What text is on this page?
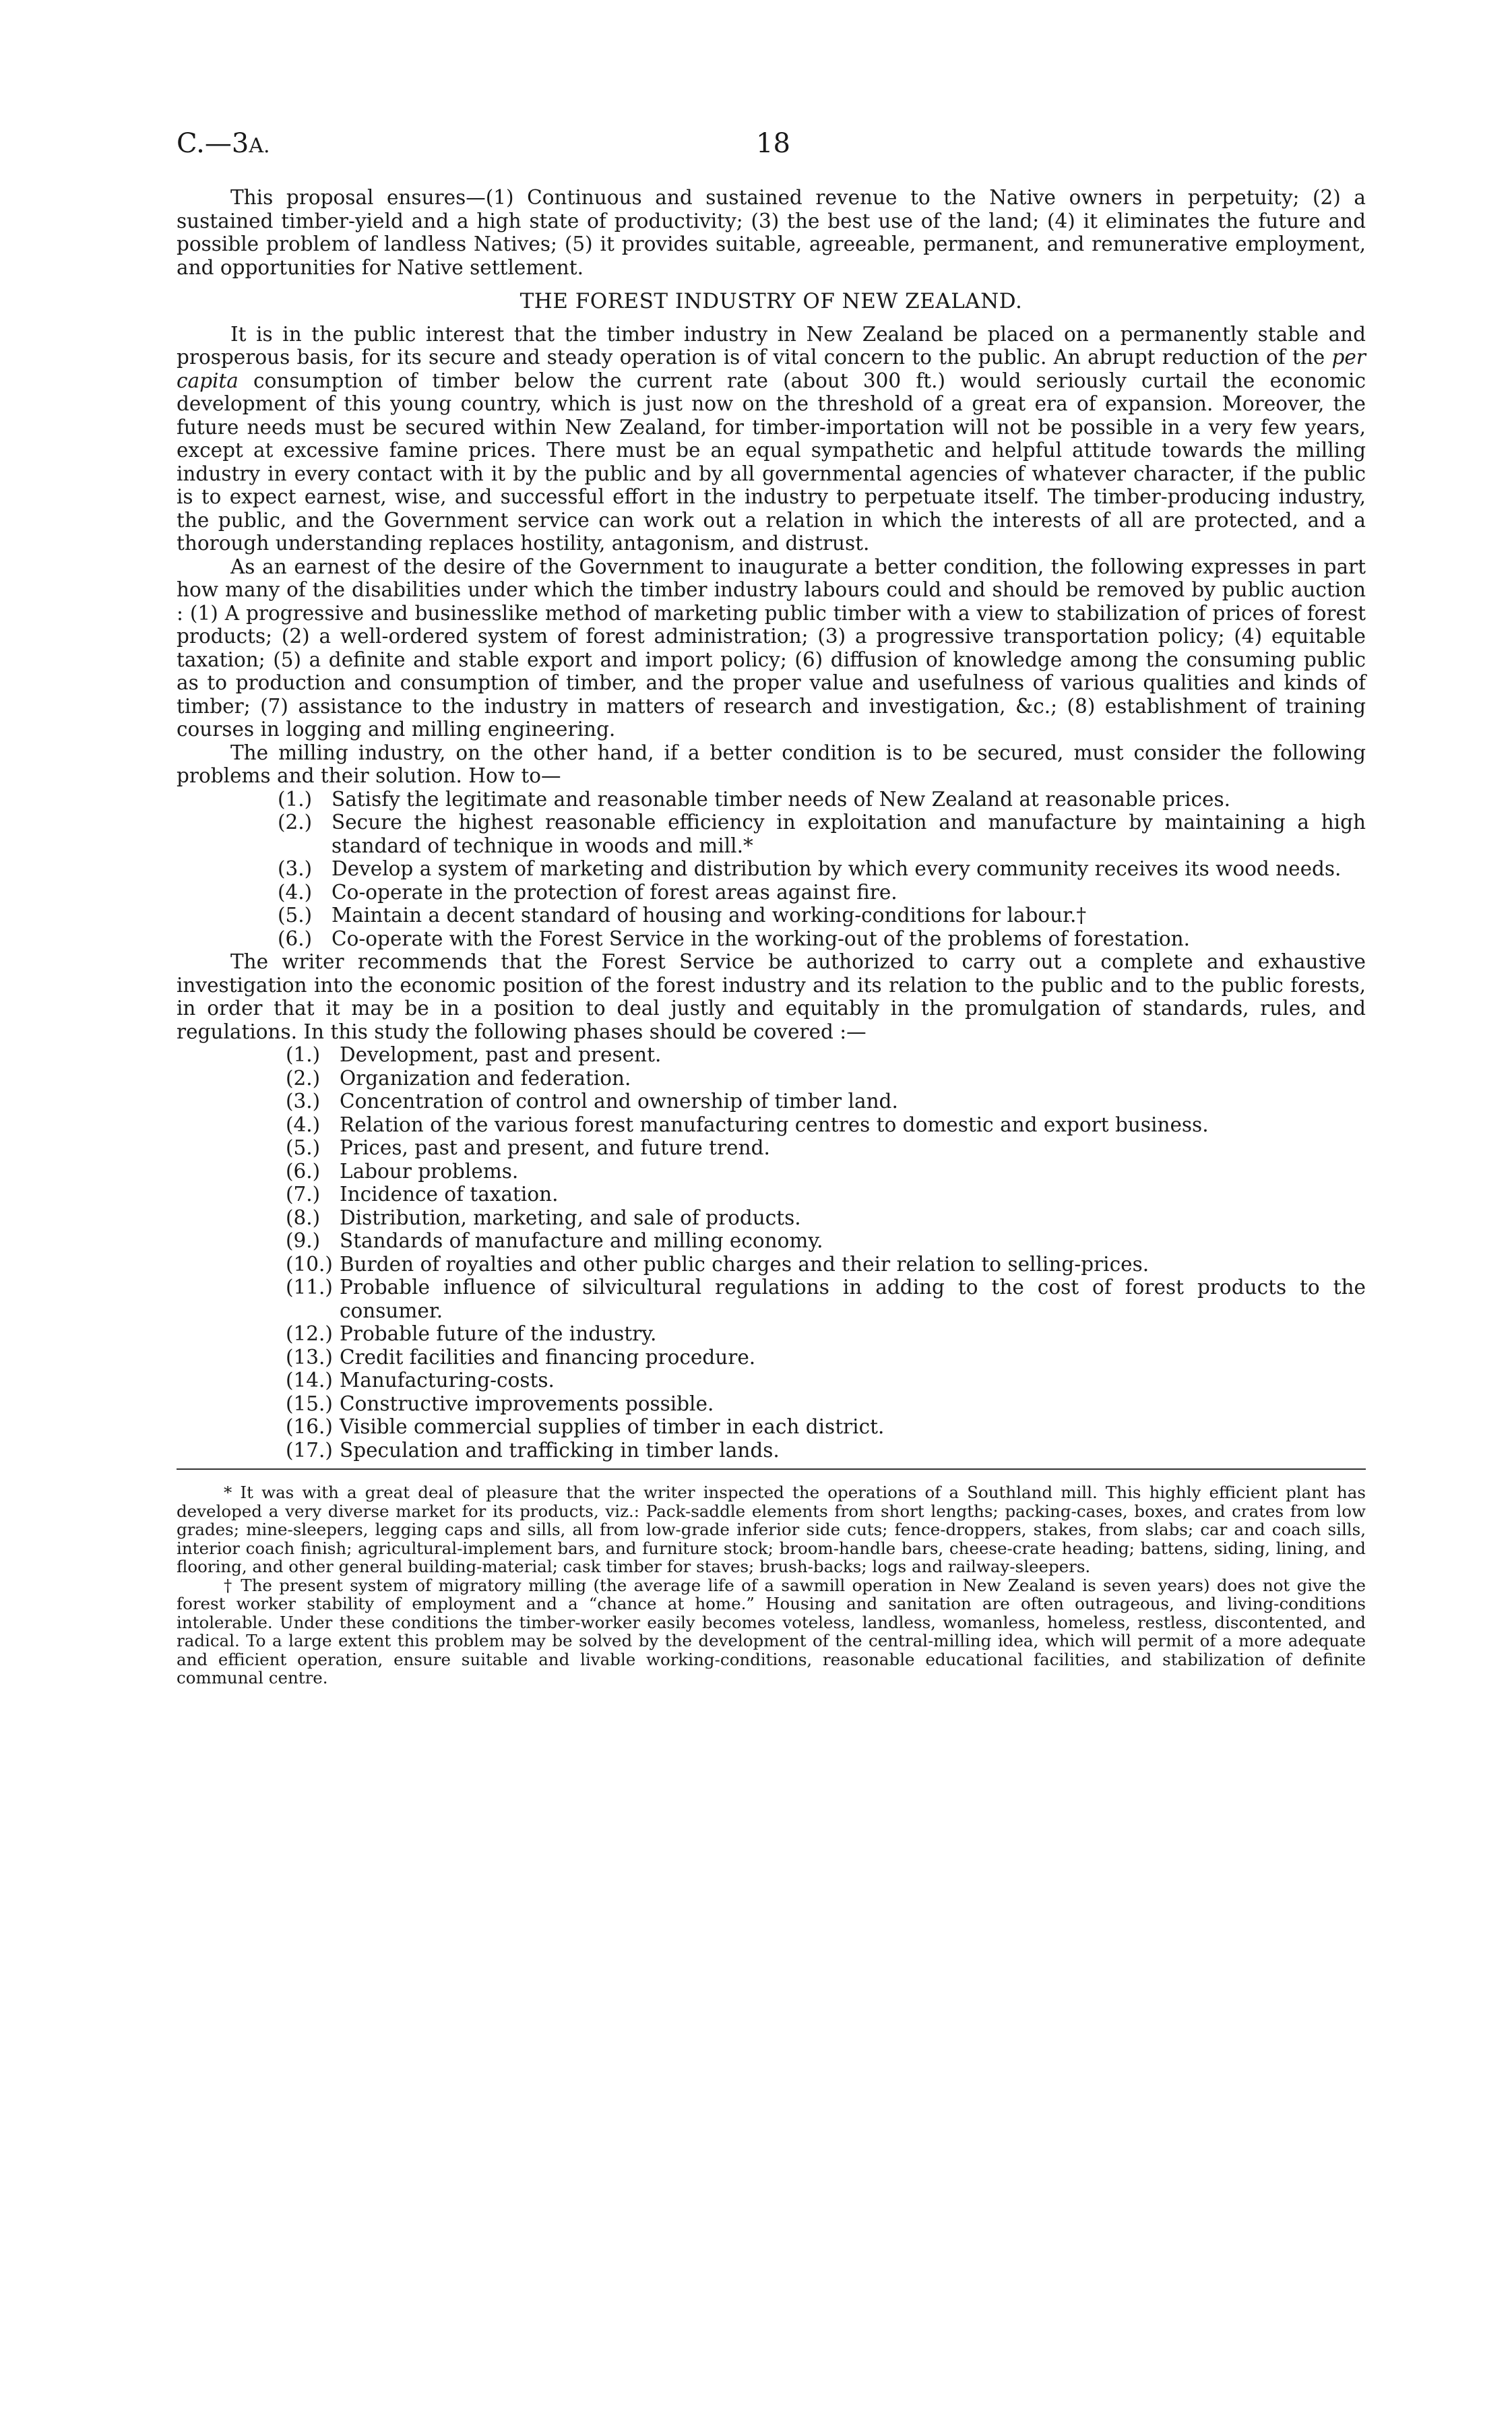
C.—3A.	18

This proposal ensures—(1) Continuous and sustained revenue to the Native owners in perpetuity; (2) a sustained timber-yield and a high state of productivity; (3) the best use of the land; (4) it eliminates the future and possible problem of landless Natives; (5) it provides suitable, agreeable, permanent, and remunerative employment, and opportunities for Native settlement.

THE FOREST INDUSTRY OF NEW ZEALAND.

It is in the public interest that the timber industry in New Zealand be placed on a permanently stable and prosperous basis, for its secure and steady operation is of vital concern to the public. An abrupt reduction of the per capita consumption of timber below the current rate (about 300 ft.) would seriously curtail the economic development of this young country, which is just now on the threshold of a great era of expansion. Moreover, the future needs must be secured within New Zealand, for timber-importation will not be possible in a very few years, except at excessive famine prices. There must be an equal sympathetic and helpful attitude towards the milling industry in every contact with it by the public and by all governmental agencies of whatever character, if the public is to expect earnest, wise, and successful effort in the industry to perpetuate itself. The timber-producing industry, the public, and the Government service can work out a relation in which the interests of all are protected, and a thorough understanding replaces hostility, antagonism, and distrust.

As an earnest of the desire of the Government to inaugurate a better condition, the following expresses in part how many of the disabilities under which the timber industry labours could and should be removed by public auction : (1) A progressive and businesslike method of marketing public timber with a view to stabilization of prices of forest products; (2) a well-ordered system of forest administration; (3) a progressive transportation policy; (4) equitable taxation; (5) a definite and stable export and import policy; (6) diffusion of knowledge among the consuming public as to production and consumption of timber, and the proper value and usefulness of various qualities and kinds of timber; (7) assistance to the industry in matters of research and investigation, &c.; (8) establishment of training courses in logging and milling engineering.

The milling industry, on the other hand, if a better condition is to be secured, must consider the following problems and their solution. How to—

(1.) Satisfy the legitimate and reasonable timber needs of New Zealand at reasonable prices.
(2.) Secure the highest reasonable efficiency in exploitation and manufacture by maintaining a high standard of technique in woods and mill.*
(3.) Develop a system of marketing and distribution by which every community receives its wood needs.
(4.) Co-operate in the protection of forest areas against fire.
(5.) Maintain a decent standard of housing and working-conditions for labour.†
(6.) Co-operate with the Forest Service in the working-out of the problems of forestation.

The writer recommends that the Forest Service be authorized to carry out a complete and exhaustive investigation into the economic position of the forest industry and its relation to the public and to the public forests, in order that it may be in a position to deal justly and equitably in the promulgation of standards, rules, and regulations. In this study the following phases should be covered :—

(1.) Development, past and present.
(2.) Organization and federation.
(3.) Concentration of control and ownership of timber land.
(4.) Relation of the various forest manufacturing centres to domestic and export business.
(5.) Prices, past and present, and future trend.
(6.) Labour problems.
(7.) Incidence of taxation.
(8.) Distribution, marketing, and sale of products.
(9.) Standards of manufacture and milling economy.
(10.) Burden of royalties and other public charges and their relation to selling-prices.
(11.) Probable influence of silvicultural regulations in adding to the cost of forest products to the consumer.
(12.) Probable future of the industry.
(13.) Credit facilities and financing procedure.
(14.) Manufacturing-costs.
(15.) Constructive improvements possible.
(16.) Visible commercial supplies of timber in each district.
(17.) Speculation and trafficking in timber lands.

* It was with a great deal of pleasure that the writer inspected the operations of a Southland mill. This highly efficient plant has developed a very diverse market for its products, viz.: Pack-saddle elements from short lengths; packing-cases, boxes, and crates from low grades; mine-sleepers, legging caps and sills, all from low-grade inferior side cuts; fence-droppers, stakes, from slabs; car and coach sills, interior coach finish; agricultural-implement bars, and furniture stock; broom-handle bars, cheese-crate heading; battens, siding, lining, and flooring, and other general building-material; cask timber for staves; brush-backs; logs and railway-sleepers.

† The present system of migratory milling (the average life of a sawmill operation in New Zealand is seven years) does not give the forest worker stability of employment and a “chance at home.” Housing and sanitation are often outrageous, and living-conditions intolerable. Under these conditions the timber-worker easily becomes voteless, landless, womanless, homeless, restless, discontented, and radical. To a large extent this problem may be solved by the development of the central-milling idea, which will permit of a more adequate and efficient operation, ensure suitable and livable working-conditions, reasonable educational facilities, and stabilization of definite communal centre.
